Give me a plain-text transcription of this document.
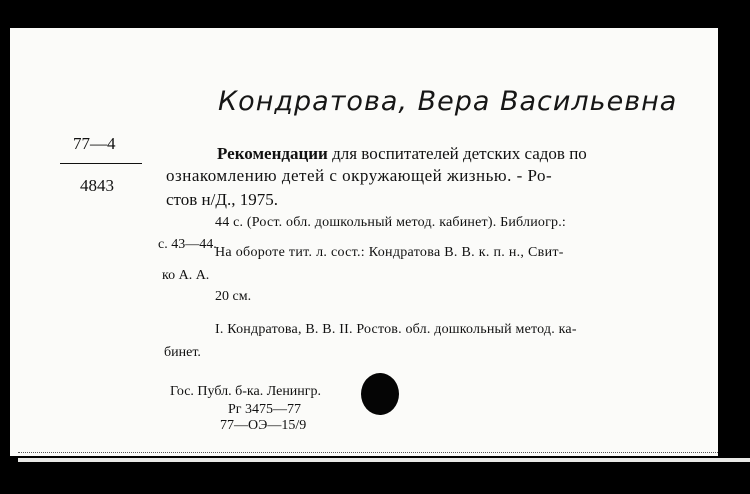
Кондратова, Вера Васильевна
77—4
4843
Рекомендации для воспитателей детских садов по
ознакомлению детей с окружающей жизнью. - Ро-
стов н/Д., 1975.
44 с. (Рост. обл. дошкольный метод. кабинет). Библиогр.:
с. 43—44.
На обороте тит. л. сост.: Кондратова В. В. к. п. н., Свит-
ко А. А.
20 см.
I. Кондратова, В. В. II. Ростов. обл. дошкольный метод. ка-
бинет.
Гос. Публ. б-ка. Ленингр.
Рг 3475—77
77—ОЭ—15/9
